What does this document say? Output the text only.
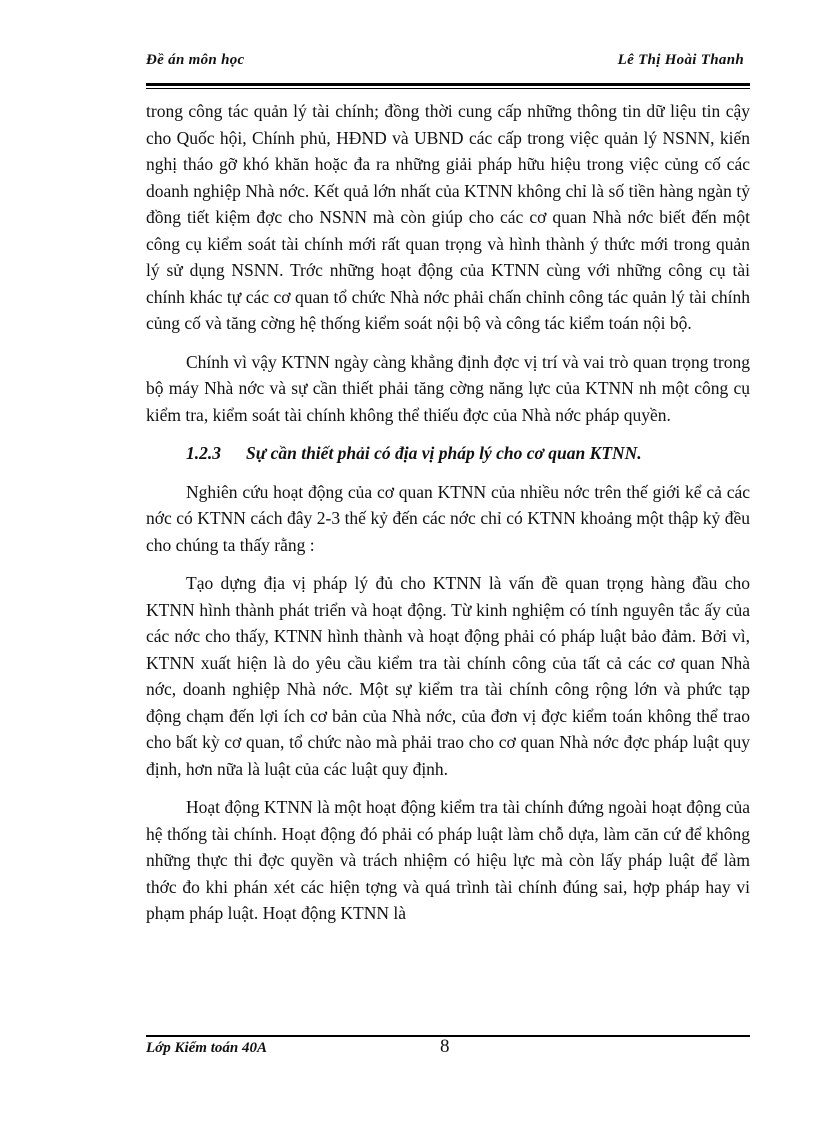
Đề án môn học	Lê Thị Hoài Thanh

trong công tác quản lý tài chính; đồng thời cung cấp những thông tin dữ liệu tin cậy cho Quốc hội, Chính phủ, HĐND và UBND các cấp trong việc quản lý NSNN, kiến nghị tháo gỡ khó khăn hoặc đa ra những giải pháp hữu hiệu trong việc củng cố các doanh nghiệp Nhà nớc. Kết quả lớn nhất của KTNN không chỉ là số tiền hàng ngàn tỷ đồng tiết kiệm đợc cho NSNN mà còn giúp cho các cơ quan Nhà nớc biết đến một công cụ kiểm soát tài chính mới rất quan trọng và hình thành ý thức mới trong quản lý sử dụng NSNN. Trớc những hoạt động của KTNN cùng với những công cụ tài chính khác tự các cơ quan tổ chức Nhà nớc phải chấn chỉnh công tác quản lý tài chính củng cố và tăng cờng hệ thống kiểm soát nội bộ và công tác kiểm toán nội bộ.

Chính vì vậy KTNN ngày càng khẳng định đợc vị trí và vai trò quan trọng trong bộ máy Nhà nớc và sự cần thiết phải tăng cờng năng lực của KTNN nh một công cụ kiểm tra, kiểm soát tài chính không thể thiếu đợc của Nhà nớc pháp quyền.

1.2.3 Sự cần thiết phải có địa vị pháp lý cho cơ quan KTNN.

Nghiên cứu hoạt động của cơ quan KTNN của nhiều nớc trên thế giới kể cả các nớc có KTNN cách đây 2-3 thế kỷ đến các nớc chỉ có KTNN khoảng một thập kỷ đều cho chúng ta thấy rằng :

Tạo dựng địa vị pháp lý đủ cho KTNN là vấn đề quan trọng hàng đầu cho KTNN hình thành phát triển và hoạt động. Từ kinh nghiệm có tính nguyên tắc ấy của các nớc cho thấy, KTNN hình thành và hoạt động phải có pháp luật bảo đảm. Bởi vì, KTNN xuất hiện là do yêu cầu kiểm tra tài chính công của tất cả các cơ quan Nhà nớc, doanh nghiệp Nhà nớc. Một sự kiểm tra tài chính công rộng lớn và phức tạp động chạm đến lợi ích cơ bản của Nhà nớc, của đơn vị đợc kiểm toán không thể trao cho bất kỳ cơ quan, tổ chức nào mà phải trao cho cơ quan Nhà nớc đợc pháp luật quy định, hơn nữa là luật của các luật quy định.

Hoạt động KTNN là một hoạt động kiểm tra tài chính đứng ngoài hoạt động của hệ thống tài chính. Hoạt động đó phải có pháp luật làm chỗ dựa, làm căn cứ để không những thực thi đợc quyền và trách nhiệm có hiệu lực mà còn lấy pháp luật để làm thớc đo khi phán xét các hiện tợng và quá trình tài chính đúng sai, hợp pháp hay vi phạm pháp luật. Hoạt động KTNN là

Lớp Kiểm toán 40A	8
